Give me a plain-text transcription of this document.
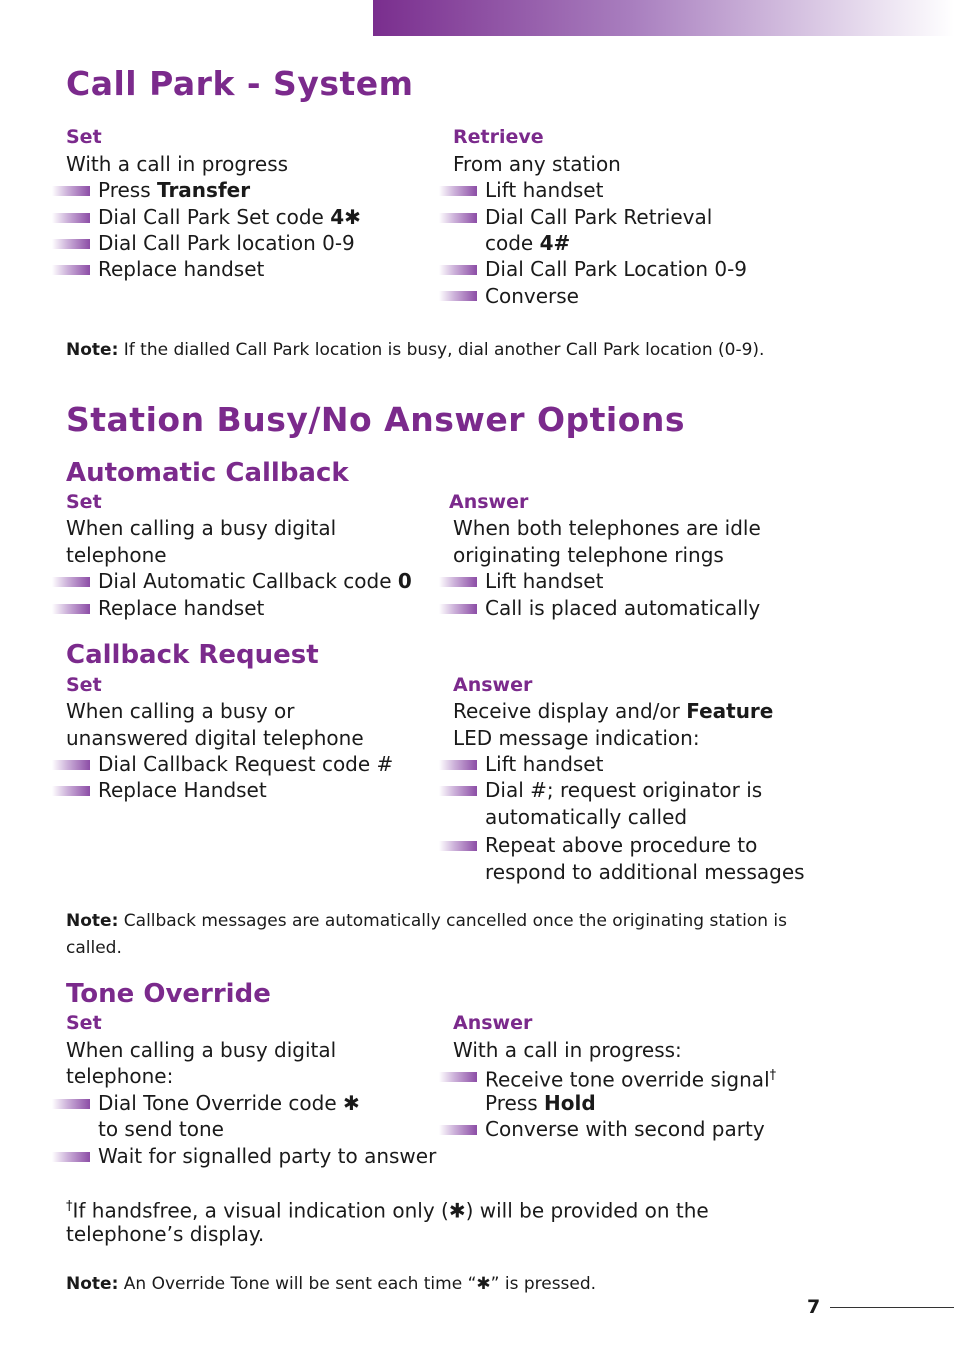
Call Park - System
Set
With a call in progress
Press Transfer
Dial Call Park Set code 4✱
Dial Call Park location 0-9
Replace handset
Retrieve
From any station
Lift handset
Dial Call Park Retrieval
code 4#
Dial Call Park Location 0-9
Converse
Note: If the dialled Call Park location is busy, dial another Call Park location (0-9).
Station Busy/No Answer Options
Automatic Callback
Set
When calling a busy digital
telephone
Dial Automatic Callback code 0
Replace handset
Answer
When both telephones are idle
originating telephone rings
Lift handset
Call is placed automatically
Callback Request
Set
When calling a busy or
unanswered digital telephone
Dial Callback Request code #
Replace Handset
Answer
Receive display and/or Feature
LED message indication:
Lift handset
Dial #; request originator is
automatically called
Repeat above procedure to
respond to additional messages
Note: Callback messages are automatically cancelled once the originating station is
called.
Tone Override
Set
When calling a busy digital
telephone:
Dial Tone Override code ✱
to send tone
Wait for signalled party to answer
Answer
With a call in progress:
Receive tone override signal†
Press Hold
Converse with second party
†If handsfree, a visual indication only (✱) will be provided on the
telephone’s display.
Note: An Override Tone will be sent each time “✱” is pressed.
7
